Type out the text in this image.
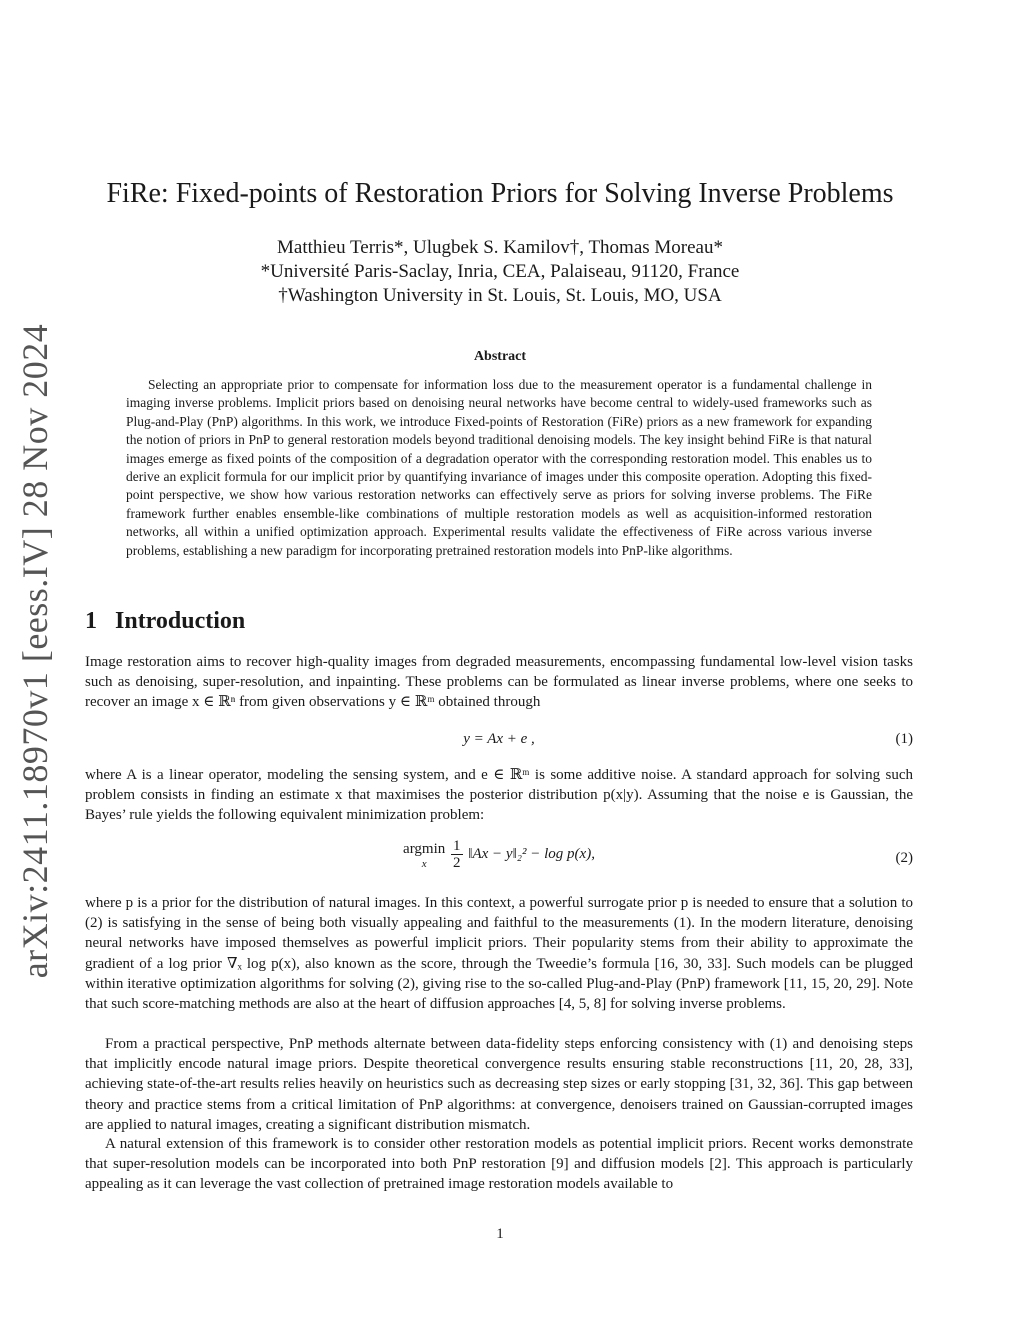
arXiv:2411.18970v1 [eess.IV] 28 Nov 2024
FiRe: Fixed-points of Restoration Priors for Solving Inverse Problems
Matthieu Terris*, Ulugbek S. Kamilov†, Thomas Moreau*
*Université Paris-Saclay, Inria, CEA, Palaiseau, 91120, France
†Washington University in St. Louis, St. Louis, MO, USA
Abstract
Selecting an appropriate prior to compensate for information loss due to the measurement operator is a fundamental challenge in imaging inverse problems. Implicit priors based on denoising neural networks have become central to widely-used frameworks such as Plug-and-Play (PnP) algorithms. In this work, we introduce Fixed-points of Restoration (FiRe) priors as a new framework for expanding the notion of priors in PnP to general restoration models beyond traditional denoising models. The key insight behind FiRe is that natural images emerge as fixed points of the composition of a degradation operator with the corresponding restoration model. This enables us to derive an explicit formula for our implicit prior by quantifying invariance of images under this composite operation. Adopting this fixed-point perspective, we show how various restoration networks can effectively serve as priors for solving inverse problems. The FiRe framework further enables ensemble-like combinations of multiple restoration models as well as acquisition-informed restoration networks, all within a unified optimization approach. Experimental results validate the effectiveness of FiRe across various inverse problems, establishing a new paradigm for incorporating pretrained restoration models into PnP-like algorithms.
1 Introduction
Image restoration aims to recover high-quality images from degraded measurements, encompassing fundamental low-level vision tasks such as denoising, super-resolution, and inpainting. These problems can be formulated as linear inverse problems, where one seeks to recover an image x ∈ ℝⁿ from given observations y ∈ ℝᵐ obtained through
y = Ax + e ,	(1)
where A is a linear operator, modeling the sensing system, and e ∈ ℝᵐ is some additive noise. A standard approach for solving such problem consists in finding an estimate x that maximises the posterior distribution p(x|y). Assuming that the noise e is Gaussian, the Bayes’ rule yields the following equivalent minimization problem:
argmin
x
	$\frac{1}{2}$ ‖Ax − y‖₂² − log p(x),	(2)
where p is a prior for the distribution of natural images. In this context, a powerful surrogate prior p is needed to ensure that a solution to (2) is satisfying in the sense of being both visually appealing and faithful to the measurements (1). In the modern literature, denoising neural networks have imposed themselves as powerful implicit priors. Their popularity stems from their ability to approximate the gradient of a log prior ∇ₓ log p(x), also known as the score, through the Tweedie’s formula [16, 30, 33]. Such models can be plugged within iterative optimization algorithms for solving (2), giving rise to the so-called Plug-and-Play (PnP) framework [11, 15, 20, 29]. Note that such score-matching methods are also at the heart of diffusion approaches [4, 5, 8] for solving inverse problems.
From a practical perspective, PnP methods alternate between data-fidelity steps enforcing consistency with (1) and denoising steps that implicitly encode natural image priors. Despite theoretical convergence results ensuring stable reconstructions [11, 20, 28, 33], achieving state-of-the-art results relies heavily on heuristics such as decreasing step sizes or early stopping [31, 32, 36]. This gap between theory and practice stems from a critical limitation of PnP algorithms: at convergence, denoisers trained on Gaussian-corrupted images are applied to natural images, creating a significant distribution mismatch.
A natural extension of this framework is to consider other restoration models as potential implicit priors. Recent works demonstrate that super-resolution models can be incorporated into both PnP restoration [9] and diffusion models [2]. This approach is particularly appealing as it can leverage the vast collection of pretrained image restoration models available to
1
